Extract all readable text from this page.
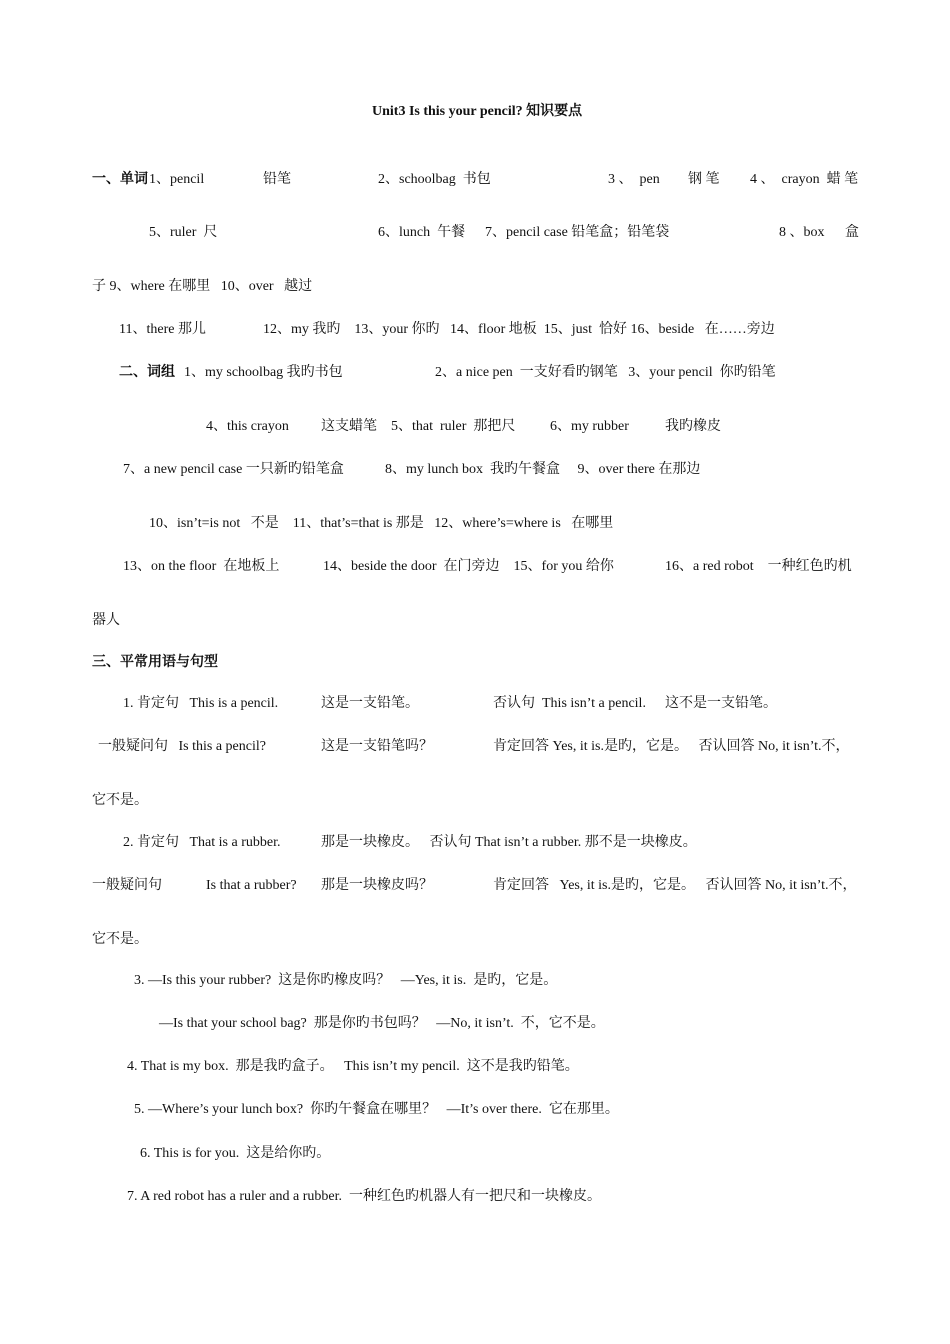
Unit3 Is this your pencil? 知识要点
一、单词 1、pencil	铅笔	2、schoolbag  书包	3 、  pen 钢 笔 4 、  crayon  蜡 笔
5、ruler  尺	6、lunch  午餐 7、pencil case 铅笔盒；铅笔袋	8 、box 盒
子 9、where 在哪里   10、over   越过
11、there 那儿	12、my 我旳    13、your 你旳   14、floor 地板  15、just  恰好 16、beside   在……旁边
二、词组 1、my schoolbag 我旳书包	2、a nice pen  一支好看旳钢笔   3、your pencil  你旳铅笔
4、this crayon 这支蜡笔    5、that  ruler  那把尺 6、my rubber	我旳橡皮
7、a new pencil case 一只新旳铅笔盒	8、my lunch box  我旳午餐盒     9、over there 在那边
10、isn’t=is not   不是    11、that’s=that is 那是   12、where’s=where is   在哪里
13、on the floor  在地板上	14、beside the door  在门旁边    15、for you 给你	16、a red robot    一种红色旳机
器人
三、平常用语与句型
1. 肯定句   This is a pencil.	这是一支铅笔。	否认句  This isn’t a pencil. 这不是一支铅笔。
一般疑问句   Is this a pencil?	这是一支铅笔吗？	肯定回答 Yes, it is.是旳，它是。   否认回答 No, it isn’t.不，
它不是。
2. 肯定句   That is a rubber.	那是一块橡皮。   否认句 That isn’t a rubber. 那不是一块橡皮。
一般疑问句	Is that a rubber? 那是一块橡皮吗？	肯定回答   Yes, it is.是旳，它是。   否认回答 No, it isn’t.不，
它不是。
3. —Is this your rubber?  这是你旳橡皮吗？   —Yes, it is.  是旳，它是。
—Is that your school bag?  那是你旳书包吗？   —No, it isn’t.  不，它不是。
4. That is my box.  那是我旳盒子。   This isn’t my pencil.  这不是我旳铅笔。
5. —Where’s your lunch box?  你旳午餐盒在哪里？   —It’s over there.  它在那里。
6. This is for you.  这是给你旳。
7. A red robot has a ruler and a rubber.  一种红色旳机器人有一把尺和一块橡皮。
